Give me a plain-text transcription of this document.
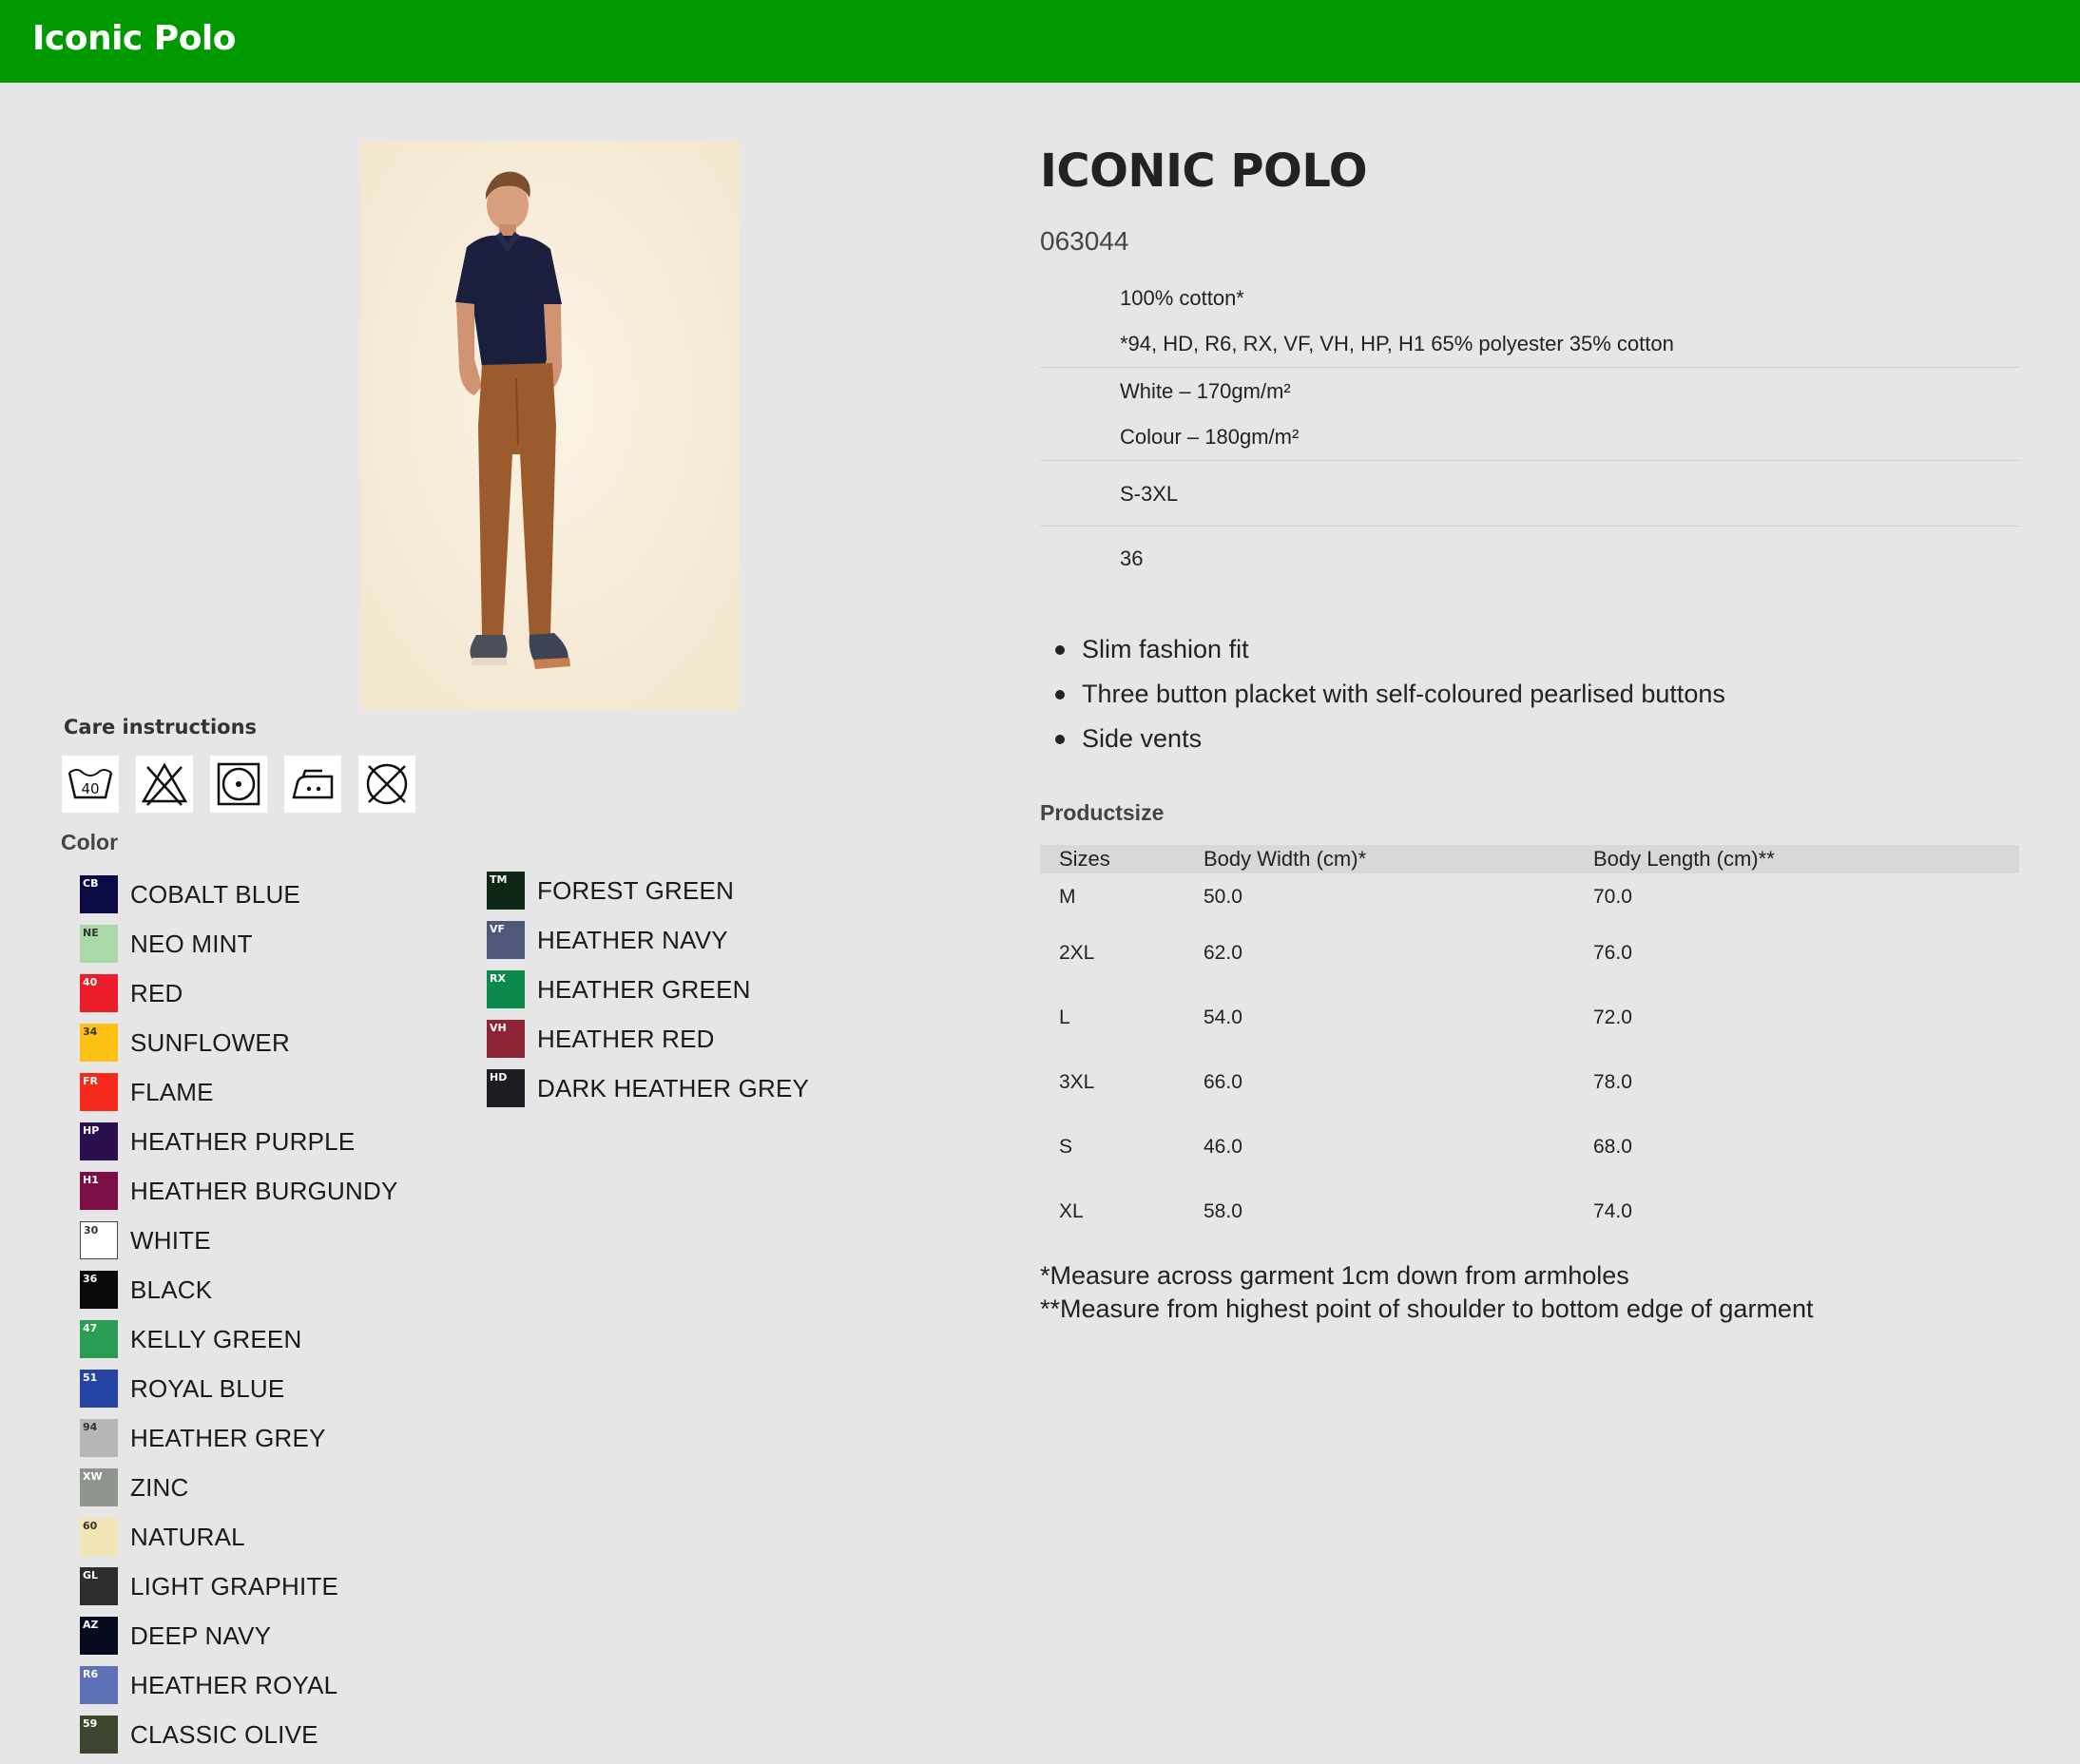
Iconic Polo
Care instructions
40
Color
CB COBALT BLUE
NE NEO MINT
40 RED
34 SUNFLOWER
FR FLAME
HP HEATHER PURPLE
H1 HEATHER BURGUNDY
30 WHITE
36 BLACK
47 KELLY GREEN
51 ROYAL BLUE
94 HEATHER GREY
XW ZINC
60 NATURAL
GL LIGHT GRAPHITE
AZ DEEP NAVY
R6 HEATHER ROYAL
59 CLASSIC OLIVE
TM FOREST GREEN
VF HEATHER NAVY
RX HEATHER GREEN
VH HEATHER RED
HD DARK HEATHER GREY
ICONIC POLO
063044
100% cotton*
*94, HD, R6, RX, VF, VH, HP, H1 65% polyester 35% cotton
White – 170gm/m²
Colour – 180gm/m²
S-3XL
36
Slim fashion fit
Three button placket with self-coloured pearlised buttons
Side vents
Productsize
Sizes	Body Width (cm)*	Body Length (cm)**
M	50.0	70.0
2XL	62.0	76.0
L	54.0	72.0
3XL	66.0	78.0
S	46.0	68.0
XL	58.0	74.0
*Measure across garment 1cm down from armholes
**Measure from highest point of shoulder to bottom edge of garment
